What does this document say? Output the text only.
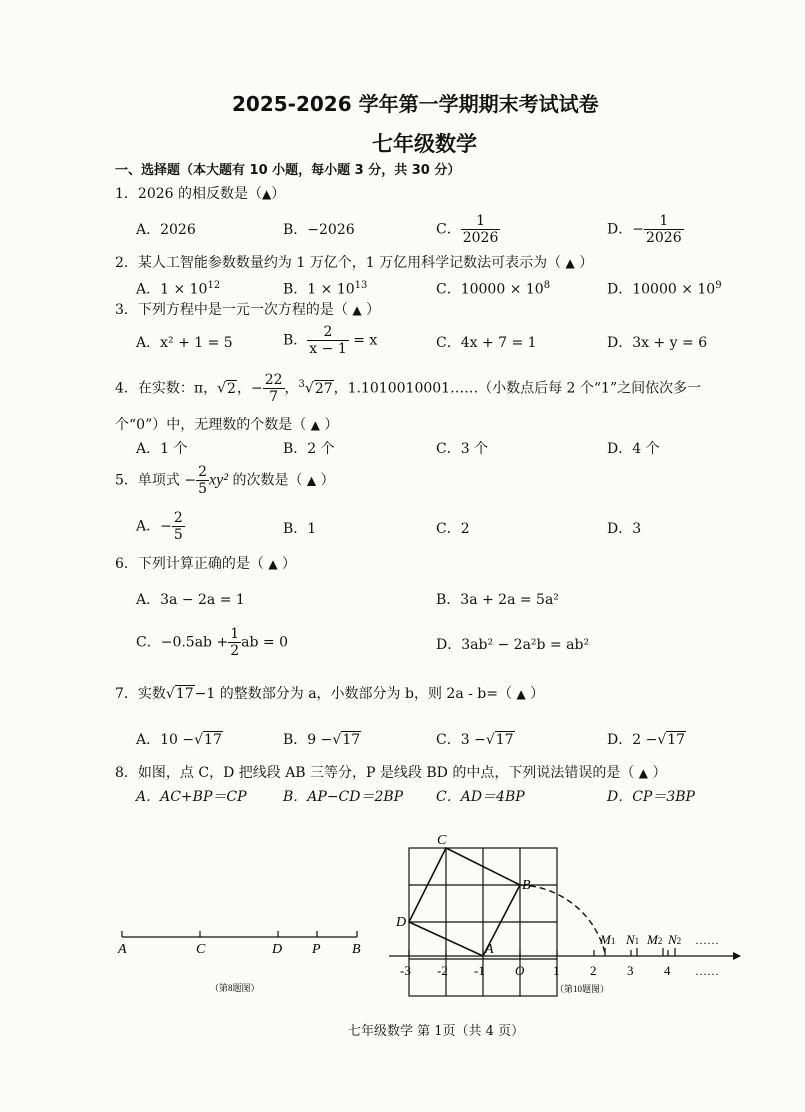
2025-2026 学年第一学期期末考试试卷
七年级数学
一、选择题（本大题有 10 小题，每小题 3 分，共 30 分）
1．2026 的相反数是（▲）
A．2026	B．−2026	C． $\frac{1}{2026}$	D．− $\frac{1}{2026}$
2．某人工智能参数数量约为 1 万亿个，1 万亿用科学记数法可表示为（ ▲ ）
A．$1 \times 10^{12}$	B．$1 \times 10^{13}$	C．$10000 \times 10^8$	D．$10000 \times 10^9$
3．下列方程中是一元一次方程的是（ ▲ ）
A．x² + 1 = 5	B． $\frac{2}{x - 1} = x$	C．4x + 7 = 1	D．3x + y = 6
4．在实数：π，√2，− $\frac{22}{7}$ ，$^3$√27，1.1010010001……（小数点后每 2 个“1”之间依次多一
个“0”）中，无理数的个数是（ ▲ ）
A．1 个	B．2 个	C．3 个	D．4 个
5．单项式 − $\frac{2}{5} xy^2$ 的次数是（ ▲ ）
A．− $\frac{2}{5}$	B．1	C．2	D．3
6．下列计算正确的是（ ▲ ）
A．3a − 2a = 1	B．3a + 2a = 5a²
C．$-0.5ab + \frac{1}{2}$ ab = 0	D．3ab² − 2a²b = ab²
7．实数√17−1 的整数部分为 a，小数部分为 b，则 2a - b=（ ▲ ）
A．10 −√17	B．9 −√17	C．3 −√17	D．2 −√17
8．如图，点 C，D 把线段 AB 三等分，P 是线段 BD 的中点，下列说法错误的是（ ▲ ）
A．AC+BP＝CP	B．AP−CD＝2BP C．AD＝4BP	D．CP＝3BP
A	C	D P B
（第8题图）
-3 -2 -1 O 1 2 3 4 ……
……
C
B
D
A
M1 N1 M2 N2
（第10题图）
七年级数学 第 1页（共 4 页）
